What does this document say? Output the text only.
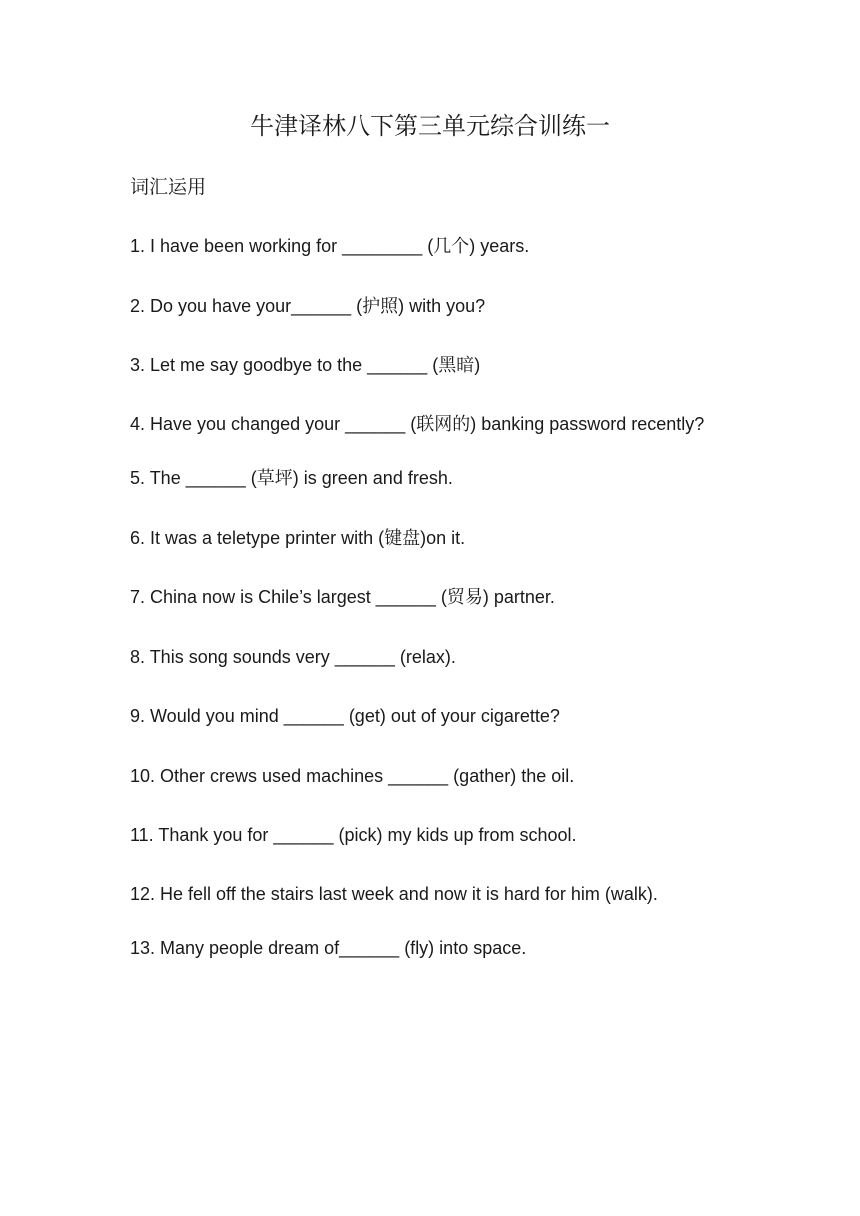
牛津译林八下第三单元综合训练一
词汇运用
1. I have been working for ________ (几个) years.
2. Do you have your______ (护照) with you?
3. Let me say goodbye to the ______ (黑暗)
4. Have you changed your ______ (联网的) banking password recently?
5. The ______ (草坪) is green and fresh.
6. It was a teletype printer with (键盘)on it.
7. China now is Chile’s largest ______ (贸易) partner.
8. This song sounds very ______ (relax).
9. Would you mind ______ (get) out of your cigarette?
10. Other crews used machines ______ (gather) the oil.
11. Thank you for ______ (pick) my kids up from school.
12. He fell off the stairs last week and now it is hard for him (walk).
13. Many people dream of______ (fly) into space.
